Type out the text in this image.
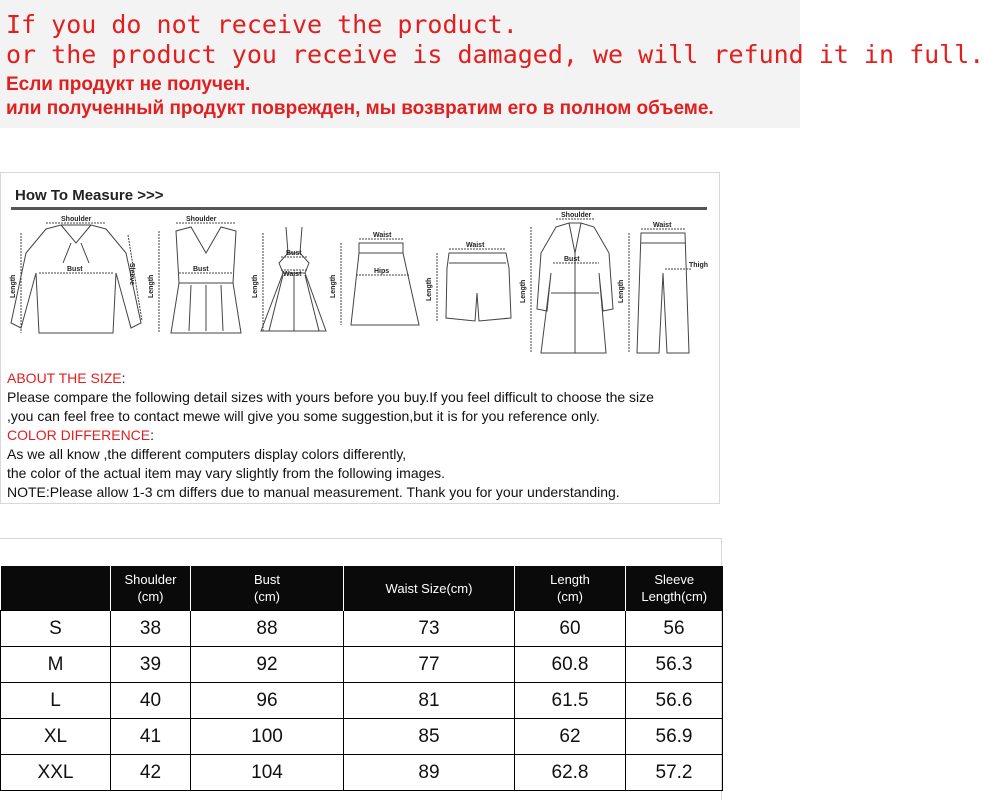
If you do not receive the product.
or the product you receive is damaged, we will refund it in full.
Если продукт не получен.
или полученный продукт поврежден, мы возвратим его в полном объеме.
How To Measure >>>
Shoulder
Bust
Length
Sleeve
Shoulder
Bust
Length
Bust
Waist
Length
Waist
Hips
Length
Waist
Length
Shoulder
Bust
Length
Waist
Thigh
Length
ABOUT THE SIZE:
Please compare the following detail sizes with yours before you buy.If you feel difficult to choose the size
,you can feel free to contact mewe will give you some suggestion,but it is for you reference only.
COLOR DIFFERENCE:
As we all know ,the different computers display colors differently,
the color of the actual item may vary slightly from the following images.
NOTE:Please allow 1-3 cm differs due to manual measurement. Thank you for your understanding.
	Shoulder
(cm)	Bust
(cm)	Waist Size(cm)	Length
(cm)	Sleeve
Length(cm)
S	38	88	73	60	56
M	39	92	77	60.8	56.3
L	40	96	81	61.5	56.6
XL	41	100	85	62	56.9
XXL	42	104	89	62.8	57.2
